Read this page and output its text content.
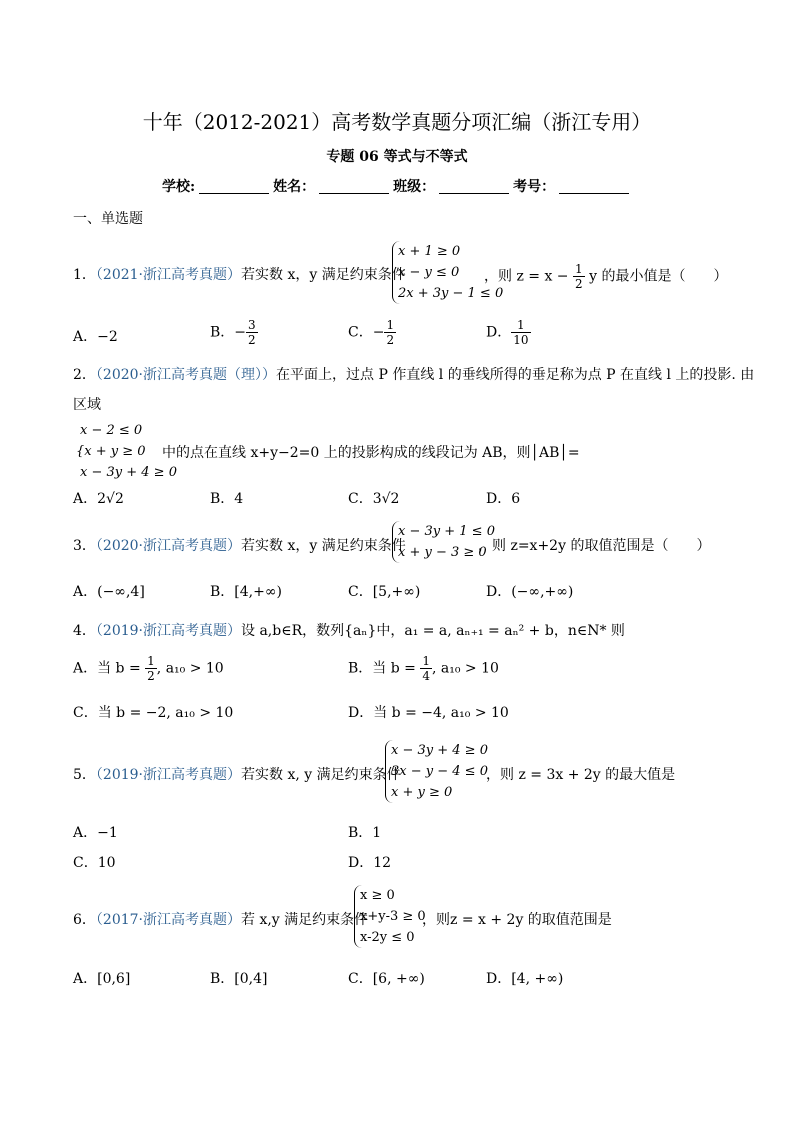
十年（2012-2021）高考数学真题分项汇编（浙江专用）
专题 06 等式与不等式
学校:	姓名：	班级：	考号：
一、单选题
1．（2021·浙江高考真题）若实数 x，y 满足约束条件
x + 1 ≥ 0
x − y ≤ 0
2x + 3y − 1 ≤ 0
，则 $z = x - \frac{1}{2}$ y 的最小值是（　　）
A．−2	B．− $\frac{3}{2}$	C．− $\frac{1}{2}$	D． $\frac{1}{10}$
2．（2020·浙江高考真题（理））在平面上，过点 P 作直线 l 的垂线所得的垂足称为点 P 在直线 l 上的投影. 由
区域
x − 2 ≤ 0
{x + y ≥ 0
x − 3y + 4 ≥ 0
中的点在直线 x+y−2=0 上的投影构成的线段记为 AB，则│AB│=
A．2√2	B．4	C．3√2	D．6
3．（2020·浙江高考真题）若实数 x，y 满足约束条件
x − 3y + 1 ≤ 0
x + y − 3 ≥ 0
，则 z=x+2y 的取值范围是（　　）
A．(−∞,4]	B．[4,+∞)	C．[5,+∞)	D．(−∞,+∞)
4．（2019·浙江高考真题）设 a,b∈R，数列{aₙ}中，a₁ = a, aₙ₊₁ = aₙ² + b，n∈N* 则
A．当 $b = \frac{1}{2}$ , a₁₀ > 10	B．当 $b = \frac{1}{4}$ , a₁₀ > 10
C．当 b = −2, a₁₀ > 10	D．当 b = −4, a₁₀ > 10
5．（2019·浙江高考真题）若实数 x, y 满足约束条件
x − 3y + 4 ≥ 0
3x − y − 4 ≤ 0
x + y ≥ 0
，则 z = 3x + 2y 的最大值是
A．−1	B．1
C．10	D．12
6．（2017·浙江高考真题）若 x,y 满足约束条件
x ≥ 0
x+y-3 ≥ 0
x-2y ≤ 0
，则z = x + 2y 的取值范围是
A．[0,6]	B．[0,4]	C．[6, +∞)	D．[4, +∞)
